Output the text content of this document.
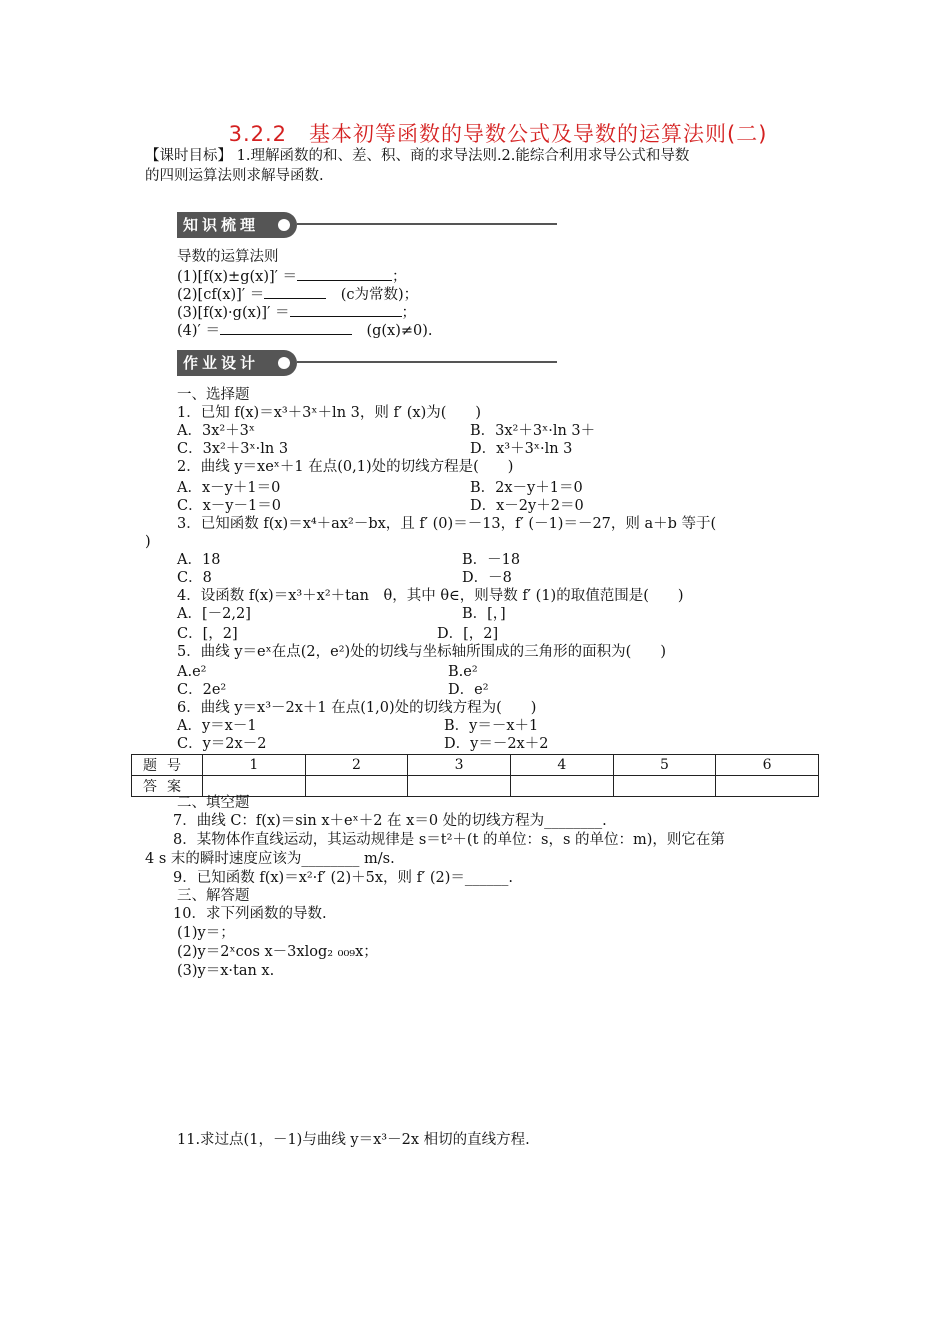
3.2.2　基本初等函数的导数公式及导数的运算法则(二)
【课时目标】 1.理解函数的和、差、积、商的求导法则.2.能综合利用求导公式和导数
的四则运算法则求解导函数.
知识梳理
导数的运算法则
(1)[f(x)±g(x)]′ ＝	；
(2)[cf(x)]′ ＝　	(c为常数)；
(3)[f(x)·g(x)]′ ＝	；
(4)′ ＝　	(g(x)≠0).
作业设计
一、选择题
1．已知 f(x)＝x³＋3ˣ＋ln 3，则 f′ (x)为(　　)
A．3x²＋3ˣ	B．3x²＋3ˣ·ln 3＋
C．3x²＋3ˣ·ln 3	D．x³＋3ˣ·ln 3
2．曲线 y＝xeˣ＋1 在点(0,1)处的切线方程是(　　)
A．x－y＋1＝0	B．2x－y＋1＝0
C．x－y－1＝0	D．x－2y＋2＝0
3．已知函数 f(x)＝x⁴＋ax²－bx，且 f′ (0)＝－13，f′ (－1)＝－27，则 a＋b 等于(
)
A．18	B．－18
C．8	D．－8
4．设函数 f(x)＝x³＋x²＋tan　θ，其中 θ∈，则导数 f′ (1)的取值范围是(　　)
A．[－2,2]	B．[，]
C．[，2]	D．[，2]
5．曲线 y＝eˣ在点(2，e²)处的切线与坐标轴所围成的三角形的面积为(　　)
A.e²	B.e²
C．2e²	D．e²
6．曲线 y＝x³－2x＋1 在点(1,0)处的切线方程为(　　)
A．y＝x－1	B．y＝－x＋1
C．y＝2x－2	D．y＝－2x＋2
题号	1	2	3	4	5	6
答案						
二、填空题
7．曲线 C：f(x)＝sin x＋eˣ＋2 在 x＝0 处的切线方程为________.
8．某物体作直线运动，其运动规律是 s＝t²＋(t 的单位：s，s 的单位：m)，则它在第
4 s 末的瞬时速度应该为________ m/s.
9．已知函数 f(x)＝x²·f′ (2)＋5x，则 f′ (2)＝______.
三、解答题
10．求下列函数的导数.
(1)y＝；
(2)y＝2ˣcos x－3xlog₂ ₀₀₉x；
(3)y＝x·tan x.
11.求过点(1，－1)与曲线 y＝x³－2x 相切的直线方程.
